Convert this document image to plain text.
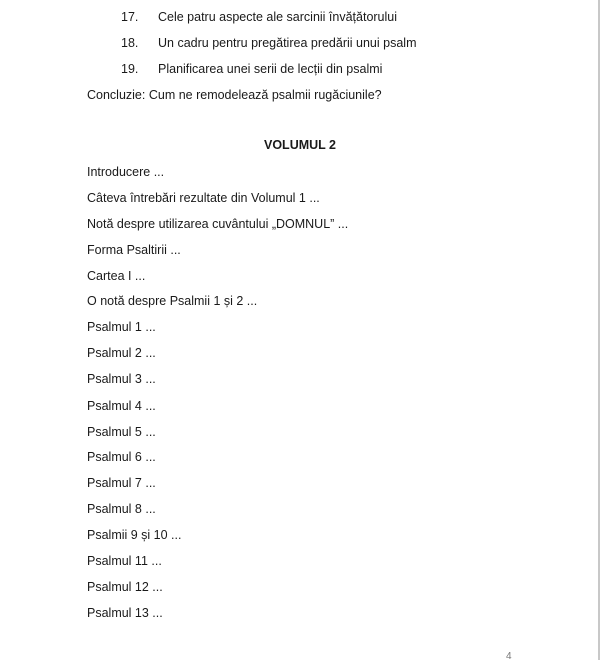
17. Cele patru aspecte ale sarcinii învățătorului
18. Un cadru pentru pregătirea predării unui psalm
19. Planificarea unei serii de lecții din psalmi
Concluzie: Cum ne remodelează psalmii rugăciunile?
VOLUMUL 2
Introducere ...
Câteva întrebări rezultate din Volumul 1 ...
Notă despre utilizarea cuvântului „DOMNUL” ...
Forma Psaltirii ...
Cartea I ...
O notă despre Psalmii 1 și 2 ...
Psalmul 1 ...
Psalmul 2 ...
Psalmul 3 ...
Psalmul 4 ...
Psalmul 5 ...
Psalmul 6 ...
Psalmul 7 ...
Psalmul 8 ...
Psalmii 9 și 10 ...
Psalmul 11 ...
Psalmul 12 ...
Psalmul 13 ...
4
